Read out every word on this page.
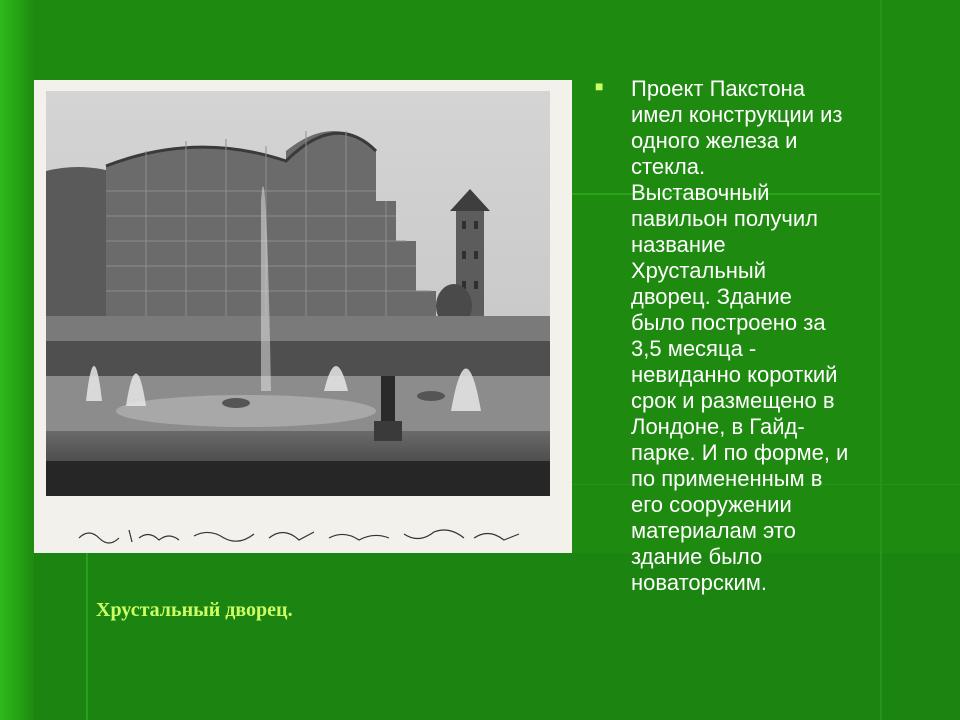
■ Проект Пакстона
имел конструкции из
одного железа и
стекла.
Выставочный
павильон получил
название
Хрустальный
дворец. Здание
было построено за
3,5 месяца -
невиданно короткий
срок и размещено в
Лондоне, в Гайд-
парке. И по форме, и
по примененным в
его сооружении
материалам это
здание было
новаторским.
Хрустальный дворец.
